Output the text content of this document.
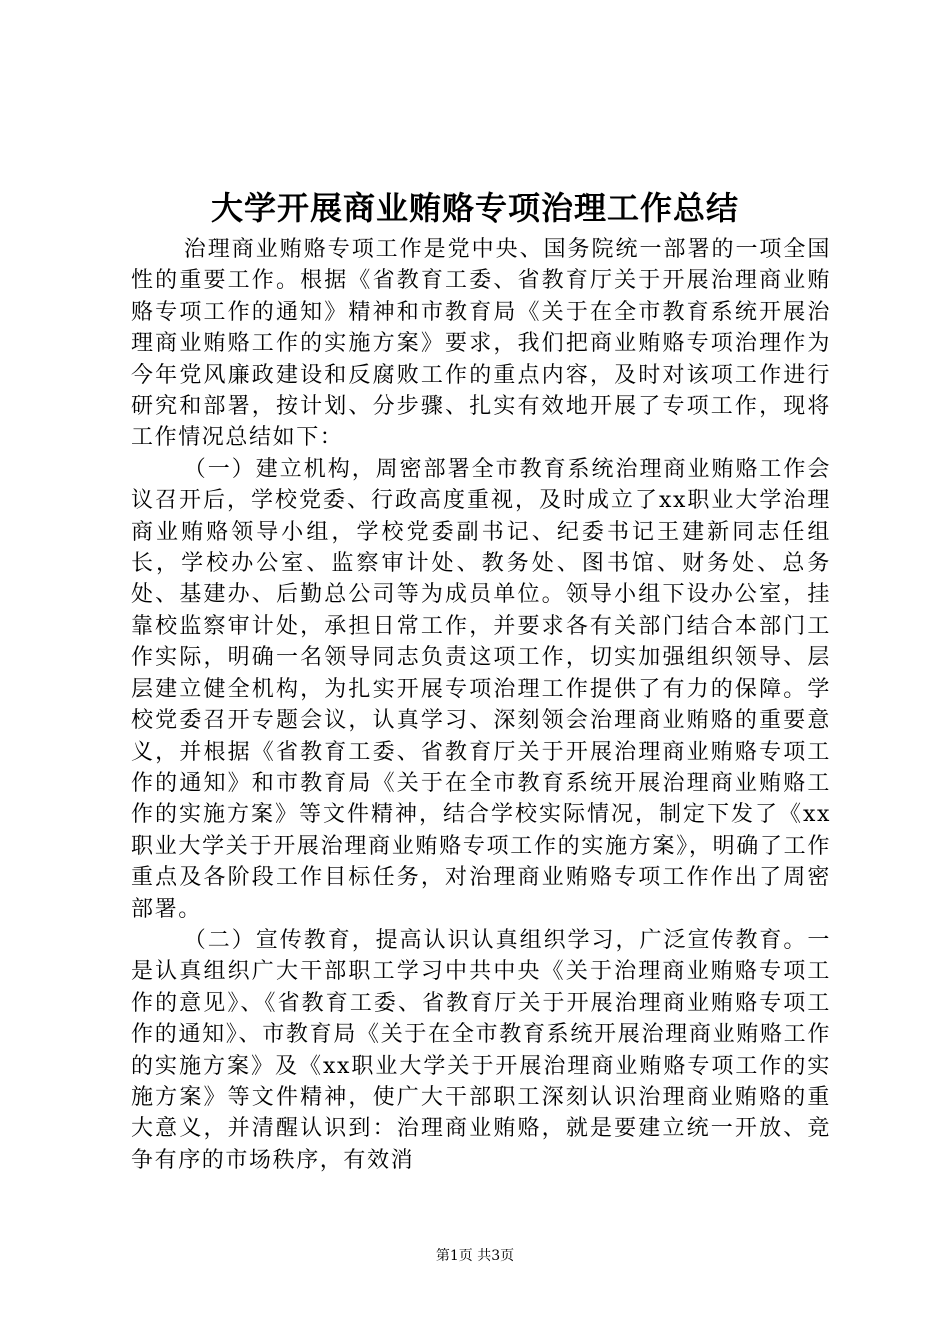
大学开展商业贿赂专项治理工作总结

治理商业贿赂专项工作是党中央、国务院统一部署的一项全国性的重要工作。根据《省教育工委、省教育厅关于开展治理商业贿赂专项工作的通知》精神和市教育局《关于在全市教育系统开展治理商业贿赂工作的实施方案》要求，我们把商业贿赂专项治理作为今年党风廉政建设和反腐败工作的重点内容，及时对该项工作进行研究和部署，按计划、分步骤、扎实有效地开展了专项工作，现将工作情况总结如下：

（一）建立机构，周密部署全市教育系统治理商业贿赂工作会议召开后，学校党委、行政高度重视，及时成立了xx职业大学治理商业贿赂领导小组，学校党委副书记、纪委书记王建新同志任组长，学校办公室、监察审计处、教务处、图书馆、财务处、总务处、基建办、后勤总公司等为成员单位。领导小组下设办公室，挂靠校监察审计处，承担日常工作，并要求各有关部门结合本部门工作实际，明确一名领导同志负责这项工作，切实加强组织领导、层层建立健全机构，为扎实开展专项治理工作提供了有力的保障。学校党委召开专题会议，认真学习、深刻领会治理商业贿赂的重要意义，并根据《省教育工委、省教育厅关于开展治理商业贿赂专项工作的通知》和市教育局《关于在全市教育系统开展治理商业贿赂工作的实施方案》等文件精神，结合学校实际情况，制定下发了《xx职业大学关于开展治理商业贿赂专项工作的实施方案》，明确了工作重点及各阶段工作目标任务，对治理商业贿赂专项工作作出了周密部署。

（二）宣传教育，提高认识认真组织学习，广泛宣传教育。一是认真组织广大干部职工学习中共中央《关于治理商业贿赂专项工作的意见》、《省教育工委、省教育厅关于开展治理商业贿赂专项工作的通知》、市教育局《关于在全市教育系统开展治理商业贿赂工作的实施方案》及《xx职业大学关于开展治理商业贿赂专项工作的实施方案》等文件精神，使广大干部职工深刻认识治理商业贿赂的重大意义，并清醒认识到：治理商业贿赂，就是要建立统一开放、竞争有序的市场秩序，有效消

第1页 共3页
